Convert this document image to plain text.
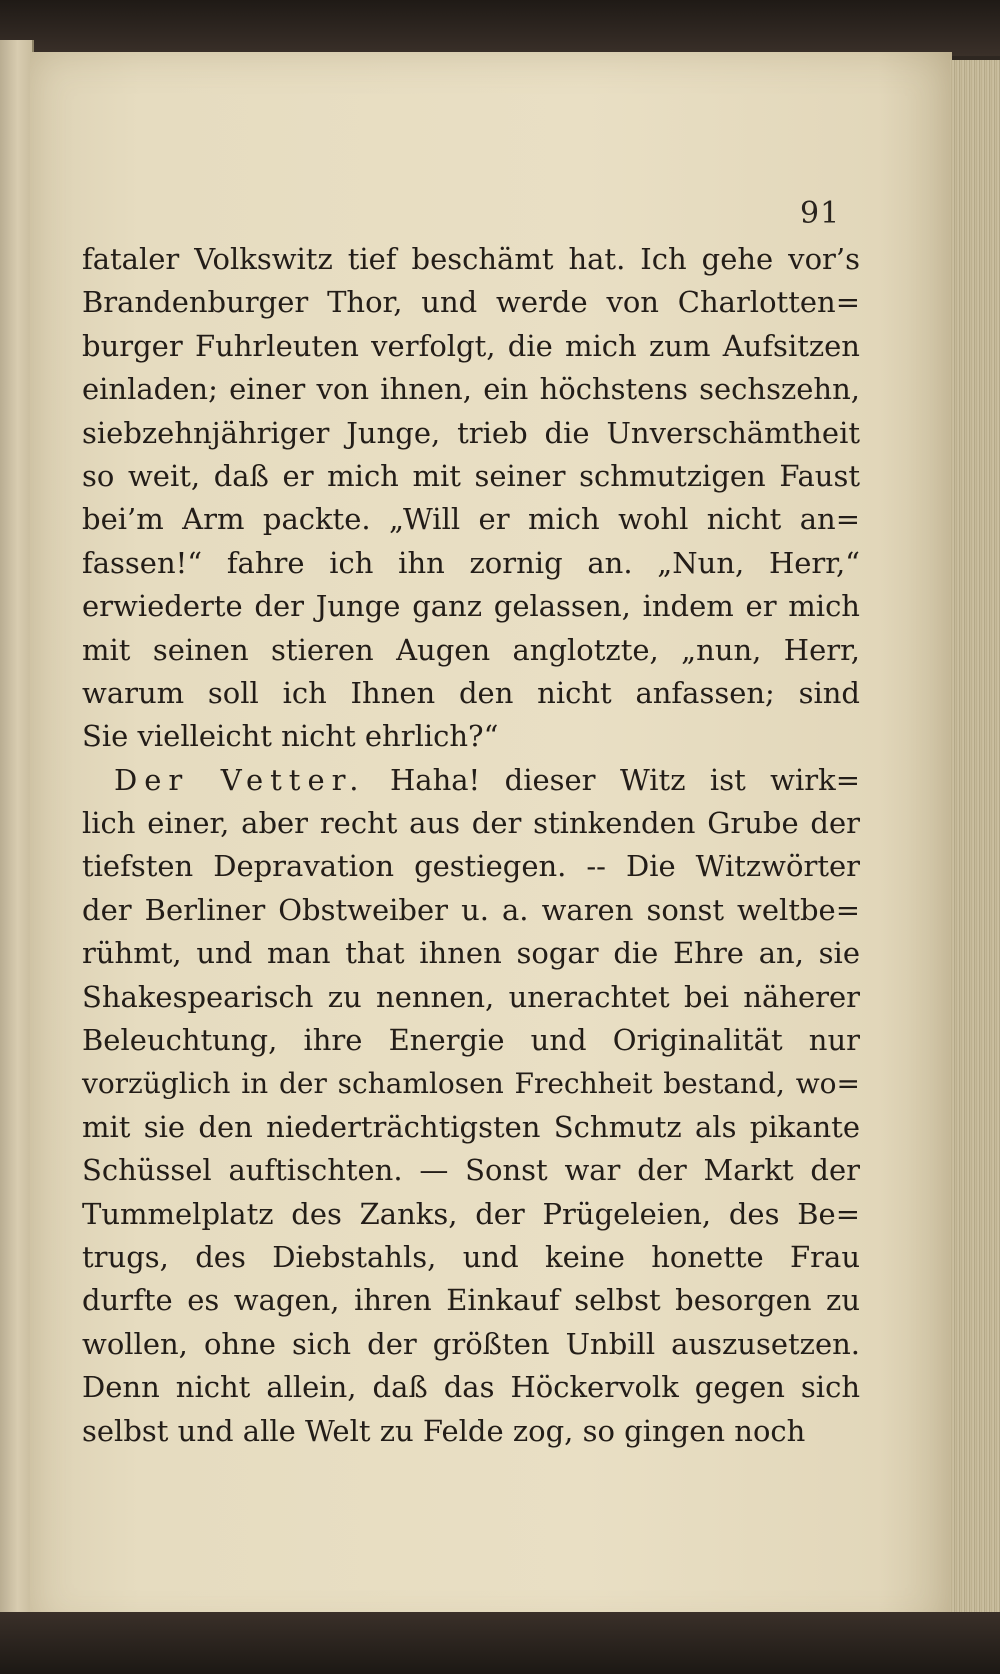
91
fataler Volkswitz tief beschämt hat. Ich gehe vor’s
Brandenburger Thor, und werde von Charlotten=
burger Fuhrleuten verfolgt, die mich zum Aufsitzen
einladen; einer von ihnen, ein höchstens sechszehn,
siebzehnjähriger Junge, trieb die Unverschämtheit
so weit, daß er mich mit seiner schmutzigen Faust
bei’m Arm packte. „Will er mich wohl nicht an=
fassen!“ fahre ich ihn zornig an. „Nun, Herr,“
erwiederte der Junge ganz gelassen, indem er mich
mit seinen stieren Augen anglotzte, „nun, Herr,
warum soll ich Ihnen den nicht anfassen; sind
Sie vielleicht nicht ehrlich?“
Der Vetter. Haha! dieser Witz ist wirk=
lich einer, aber recht aus der stinkenden Grube der
tiefsten Depravation gestiegen. -- Die Witzwörter
der Berliner Obstweiber u. a. waren sonst weltbe=
rühmt, und man that ihnen sogar die Ehre an, sie
Shakespearisch zu nennen, unerachtet bei näherer
Beleuchtung, ihre Energie und Originalität nur
vorzüglich in der schamlosen Frechheit bestand, wo=
mit sie den niederträchtigsten Schmutz als pikante
Schüssel auftischten. — Sonst war der Markt der
Tummelplatz des Zanks, der Prügeleien, des Be=
trugs, des Diebstahls, und keine honette Frau
durfte es wagen, ihren Einkauf selbst besorgen zu
wollen, ohne sich der größten Unbill auszusetzen.
Denn nicht allein, daß das Höckervolk gegen sich
selbst und alle Welt zu Felde zog, so gingen noch
